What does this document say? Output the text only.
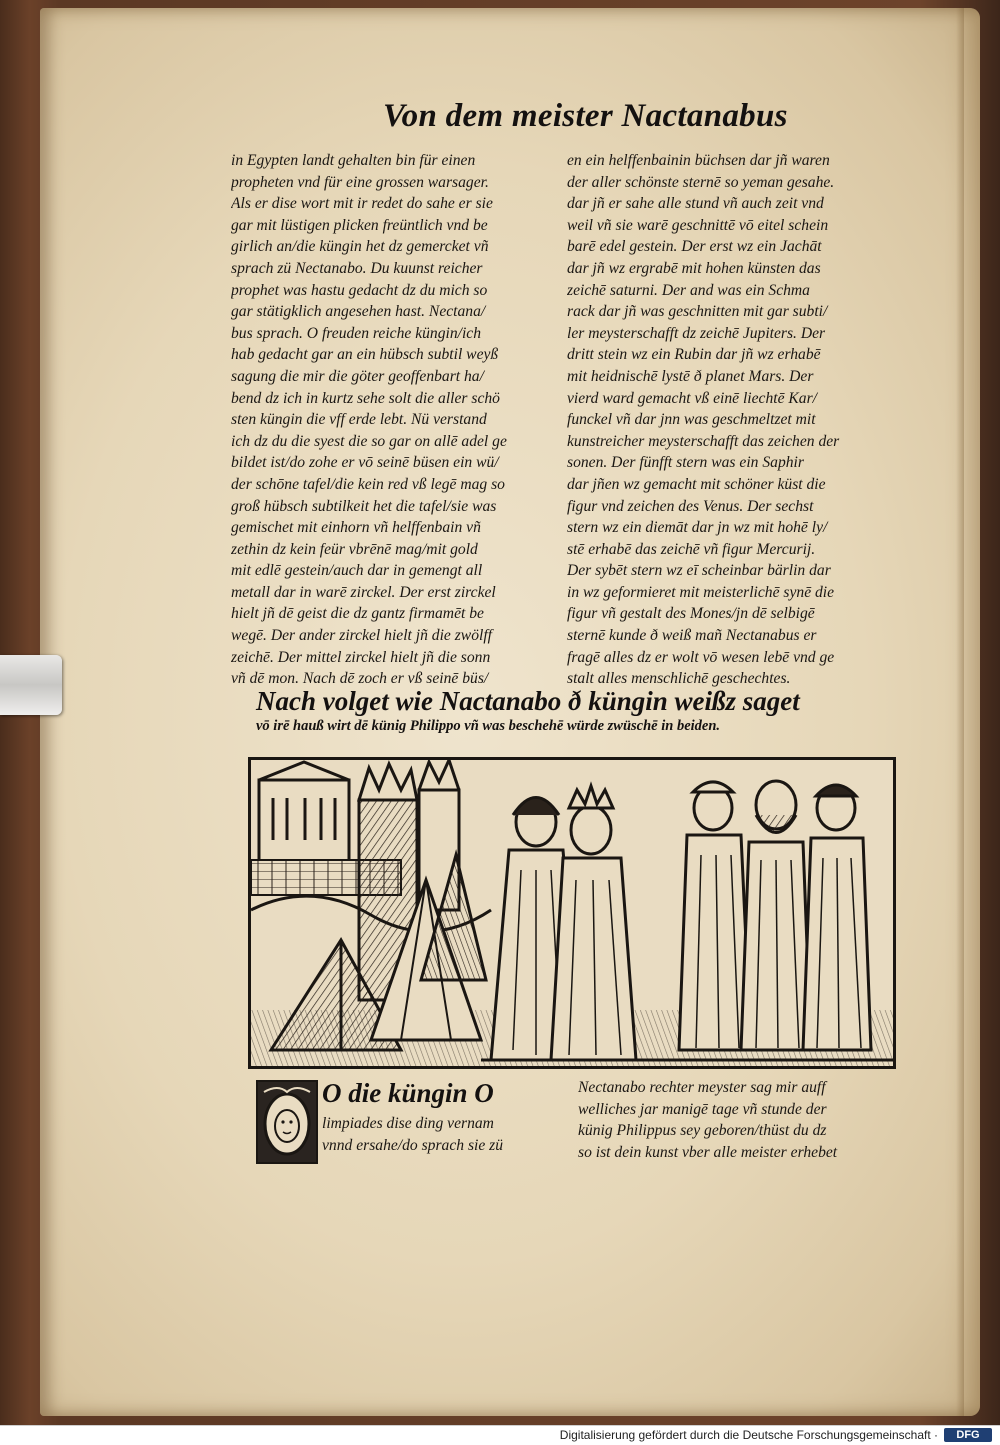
Von dem meister Nactanabus
in Egypten landt gehalten bin für einen
propheten vnd für eine grossen warsager.
Als er dise wort mit ir redet do sahe er sie
gar mit lüstigen plicken freüntlich vnd be
girlich an/die küngin het dz gemercket vñ
sprach zü Nectanabo. Du kuunst reicher
prophet was hastu gedacht dz du mich so
gar stätigklich angesehen hast. Nectana/
bus sprach. O freuden reiche küngin/ich
hab gedacht gar an ein hübsch subtil weyß
sagung die mir die göter geoffenbart ha/
bend dz ich in kurtz sehe solt die aller schö
sten küngin die vff erde lebt. Nü verstand
ich dz du die syest die so gar on allē adel ge
bildet ist/do zohe er vō seinē büsen ein wü/
der schōne tafel/die kein red vß legē mag so
groß hübsch subtilkeit het die tafel/sie was
gemischet mit einhorn vñ helffenbain vñ
zethin dz kein feür vbrēnē mag/mit gold
mit edlē gestein/auch dar in gemengt all
metall dar in warē zirckel. Der erst zirckel
hielt jñ dē geist die dz gantz firmamēt be
wegē. Der ander zirckel hielt jñ die zwölff
zeichē. Der mittel zirckel hielt jñ die sonn
vñ dē mon. Nach dē zoch er vß seinē büs/
en ein helffenbainin büchsen dar jñ waren
der aller schönste sternē so yeman gesahe.
dar jñ er sahe alle stund vñ auch zeit vnd
weil vñ sie warē geschnittē vō eitel schein
barē edel gestein. Der erst wz ein Jachāt
dar jñ wz ergrabē mit hohen künsten das
zeichē saturni. Der and was ein Schma
rack dar jñ was geschnitten mit gar subti/
ler meysterschafft dz zeichē Jupiters. Der
dritt stein wz ein Rubin dar jñ wz erhabē
mit heidnischē lystē ð planet Mars. Der
vierd ward gemacht vß einē liechtē Kar/
funckel vñ dar jnn was geschmeltzet mit
kunstreicher meysterschafft das zeichen der
sonen. Der fünfft stern was ein Saphir
dar jñen wz gemacht mit schöner küst die
figur vnd zeichen des Venus. Der sechst
stern wz ein diemāt dar jn wz mit hohē ly/
stē erhabē das zeichē vñ figur Mercurij.
Der sybēt stern wz eī scheinbar bärlin dar
in wz geformieret mit meisterlichē synē die
figur vñ gestalt des Mones/jn dē selbigē
sternē kunde ð weiß mañ Nectanabus er
fragē alles dz er wolt vō wesen lebē vnd ge
stalt alles menschlichē geschechtes.
Nach volget wie Nactanabo ð küngin weißz saget
vō irē hauß wirt dē künig Philippo vñ was beschehē würde zwüschē in beiden.
O die küngin O
limpiades dise ding vernam
vnnd ersahe/do sprach sie zü
Nectanabo rechter meyster sag mir auff
welliches jar manigē tage vñ stunde der
künig Philippus sey geboren/thüst du dz
so ist dein kunst vber alle meister erhebet
Digitalisierung gefördert durch die Deutsche Forschungsgemeinschaft ·	DFG
